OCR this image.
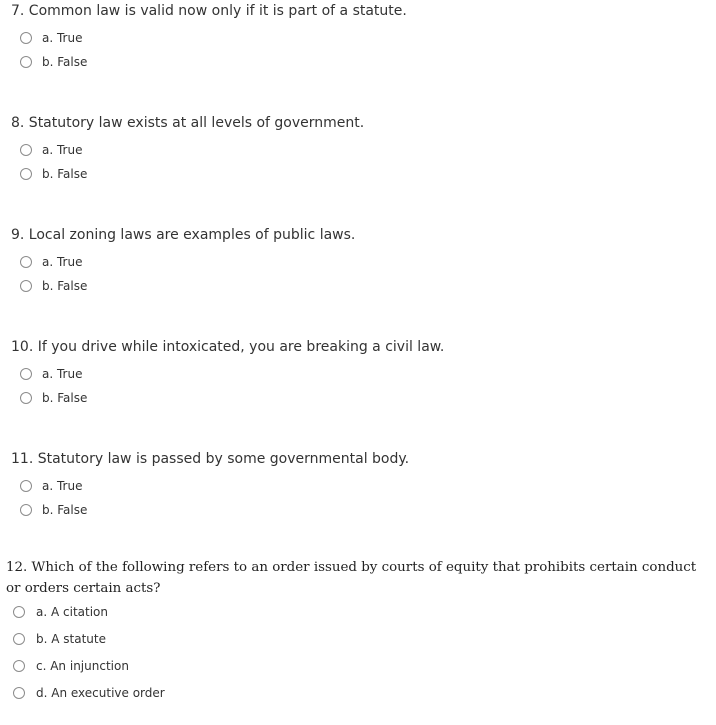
7. Common law is valid now only if it is part of a statute.
a. True
b. False
8. Statutory law exists at all levels of government.
a. True
b. False
9. Local zoning laws are examples of public laws.
a. True
b. False
10. If you drive while intoxicated, you are breaking a civil law.
a. True
b. False
11. Statutory law is passed by some governmental body.
a. True
b. False
12. Which of the following refers to an order issued by courts of equity that prohibits certain conduct or orders certain acts?
a. A citation
b. A statute
c. An injunction
d. An executive order
